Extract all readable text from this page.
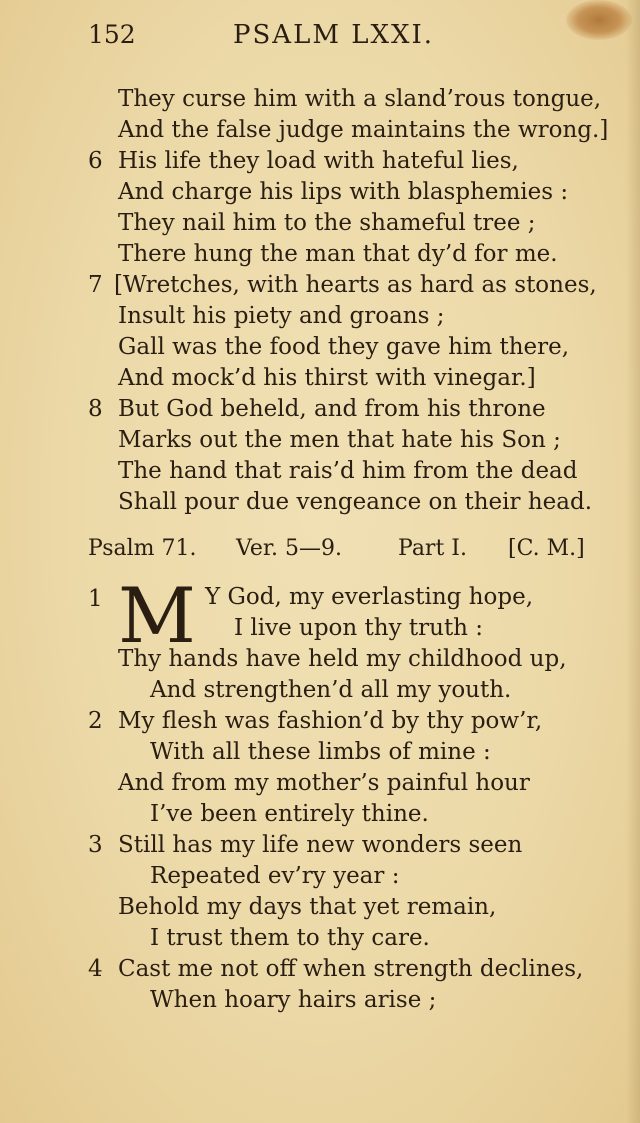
152	PSALM LXXI.
They curse him with a sland’rous tongue,
And the false judge maintains the wrong.]
6 His life they load with hateful lies,
And charge his lips with blasphemies :
They nail him to the shameful tree ;
There hung the man that dy’d for me.
7 [Wretches, with hearts as hard as stones,
Insult his piety and groans ;
Gall was the food they gave him there,
And mock’d his thirst with vinegar.]
8 But God beheld, and from his throne
Marks out the men that hate his Son ;
The hand that rais’d him from the dead
Shall pour due vengeance on their head.
Psalm 71. Ver. 5—9.	Part I. [C. M.]
1 M Y God, my everlasting hope,
I live upon thy truth :
Thy hands have held my childhood up,
And strengthen’d all my youth.
2 My flesh was fashion’d by thy pow’r,
With all these limbs of mine :
And from my mother’s painful hour
I’ve been entirely thine.
3 Still has my life new wonders seen
Repeated ev’ry year :
Behold my days that yet remain,
I trust them to thy care.
4 Cast me not off when strength declines,
When hoary hairs arise ;
